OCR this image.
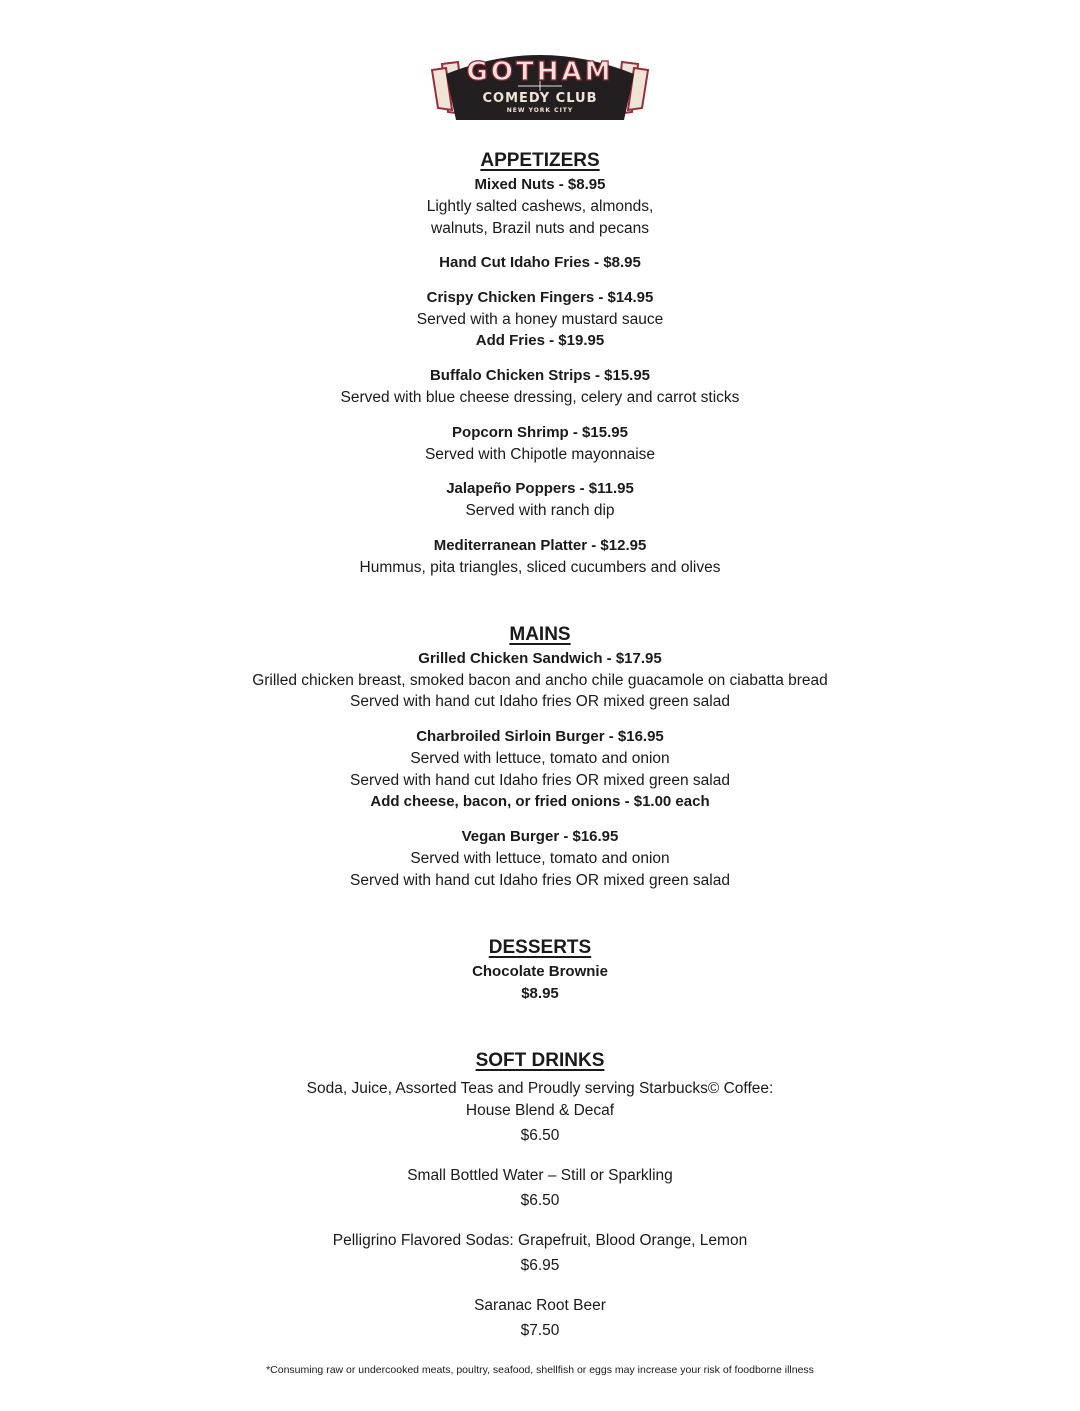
GOTHAM
COMEDY CLUB
NEW YORK CITY
APPETIZERS
Mixed Nuts - $8.95
Lightly salted cashews, almonds,
walnuts, Brazil nuts and pecans
Hand Cut Idaho Fries - $8.95
Crispy Chicken Fingers - $14.95
Served with a honey mustard sauce
Add Fries - $19.95
Buffalo Chicken Strips - $15.95
Served with blue cheese dressing, celery and carrot sticks
Popcorn Shrimp - $15.95
Served with Chipotle mayonnaise
Jalapeño Poppers - $11.95
Served with ranch dip
Mediterranean Platter - $12.95
Hummus, pita triangles, sliced cucumbers and olives
MAINS
Grilled Chicken Sandwich - $17.95
Grilled chicken breast, smoked bacon and ancho chile guacamole on ciabatta bread
Served with hand cut Idaho fries OR mixed green salad
Charbroiled Sirloin Burger - $16.95
Served with lettuce, tomato and onion
Served with hand cut Idaho fries OR mixed green salad
Add cheese, bacon, or fried onions - $1.00 each
Vegan Burger - $16.95
Served with lettuce, tomato and onion
Served with hand cut Idaho fries OR mixed green salad
DESSERTS
Chocolate Brownie
$8.95
SOFT DRINKS
Soda, Juice, Assorted Teas and Proudly serving Starbucks© Coffee:
House Blend & Decaf
$6.50
Small Bottled Water – Still or Sparkling
$6.50
Pelligrino Flavored Sodas: Grapefruit, Blood Orange, Lemon
$6.95
Saranac Root Beer
$7.50
*Consuming raw or undercooked meats, poultry, seafood, shellfish or eggs may increase your risk of foodborne illness
